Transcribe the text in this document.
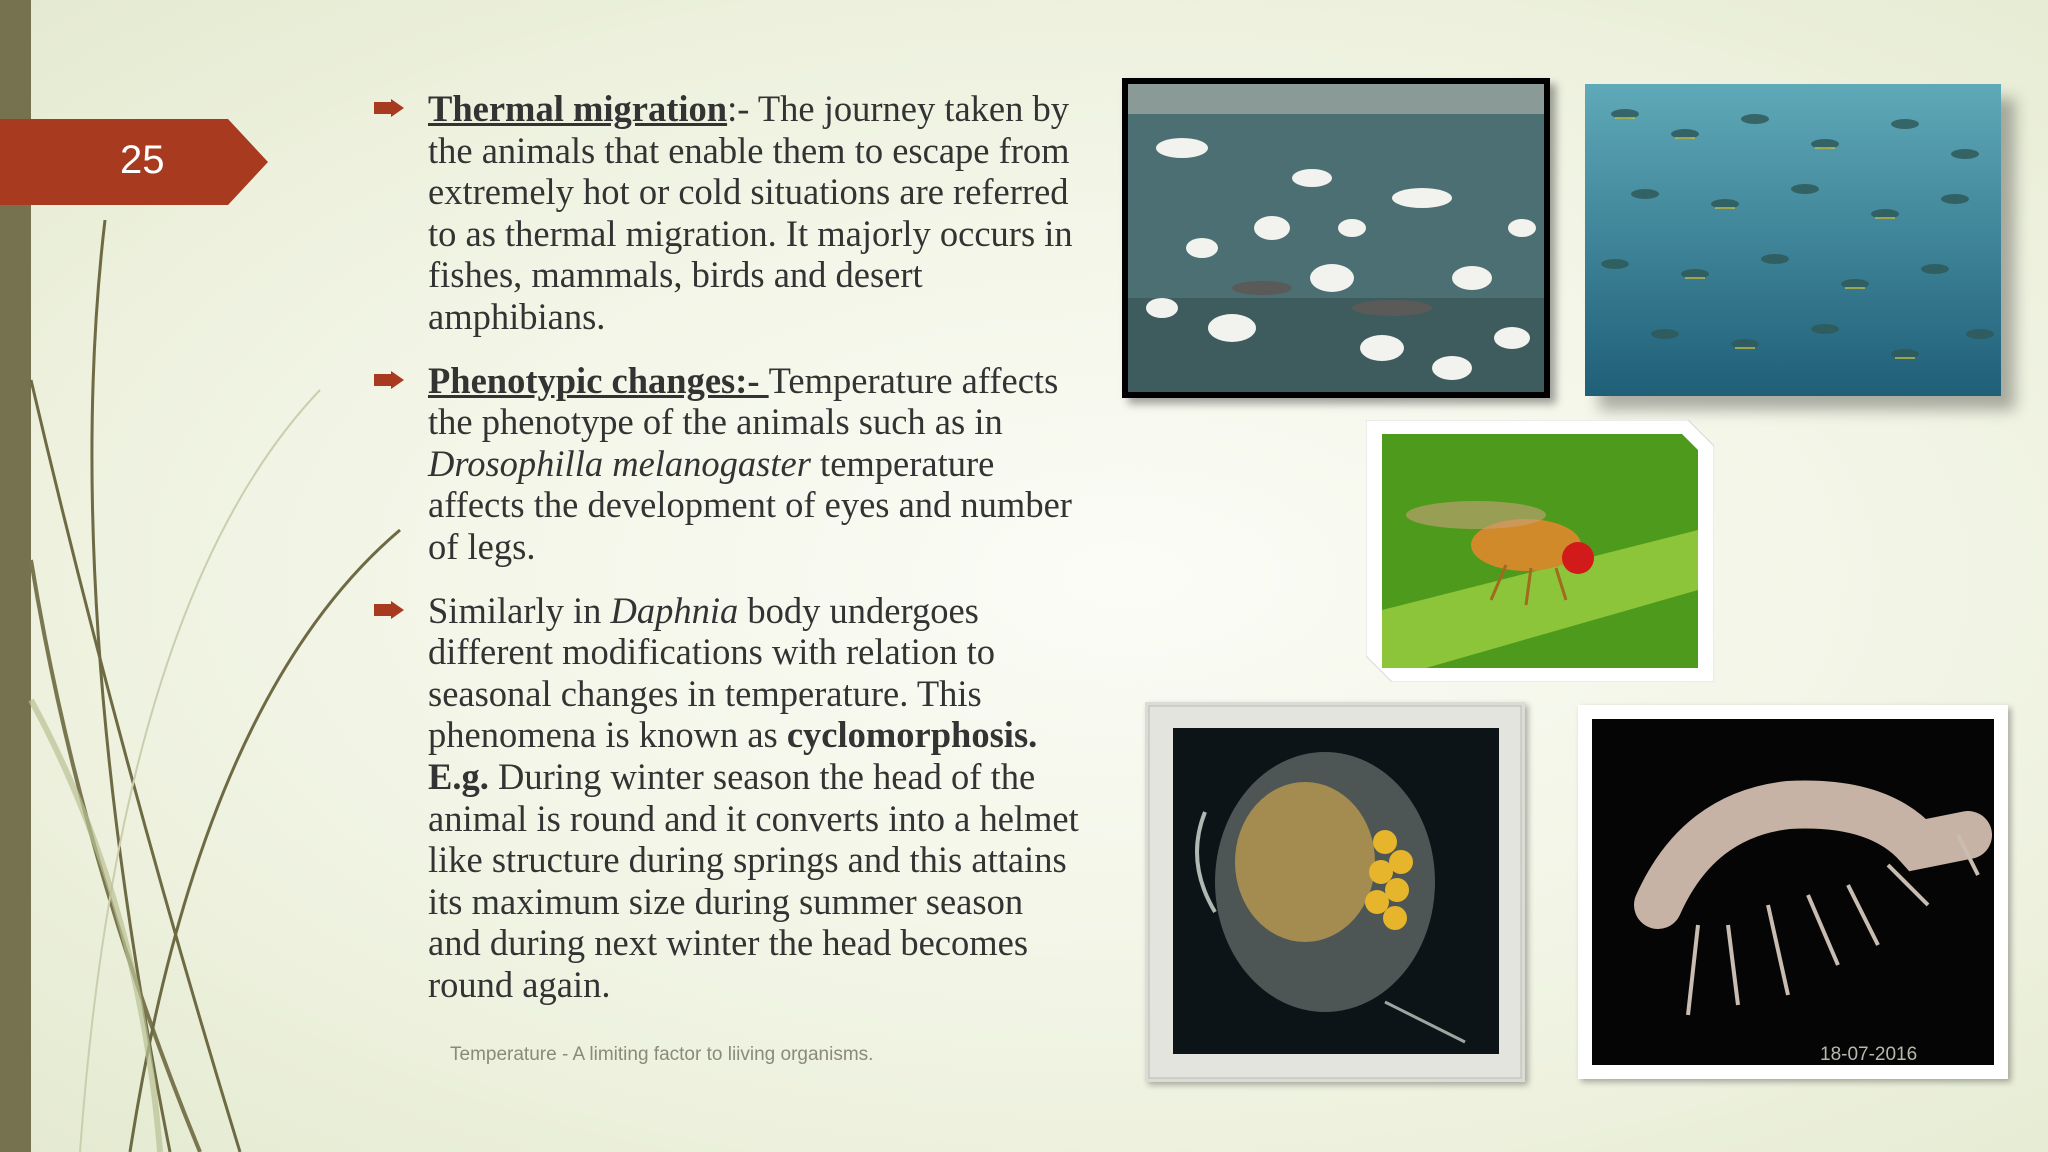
25
Thermal migration:- The journey taken by the animals that enable them to escape from extremely hot or cold situations are referred to as thermal migration. It majorly occurs in fishes, mammals, birds and desert amphibians.
Phenotypic changes:- Temperature affects the phenotype of the animals such as in Drosophilla melanogaster temperature affects the development of eyes and number of legs.
Similarly in Daphnia body undergoes different modifications with relation to seasonal changes in temperature. This phenomena is known as cyclomorphosis. E.g. During winter season the head of the animal is round and it converts into a helmet like structure during springs and this attains its maximum size during summer season and during next winter the head becomes round again.
Temperature - A limiting factor to liiving organisms.	18-07-2016
